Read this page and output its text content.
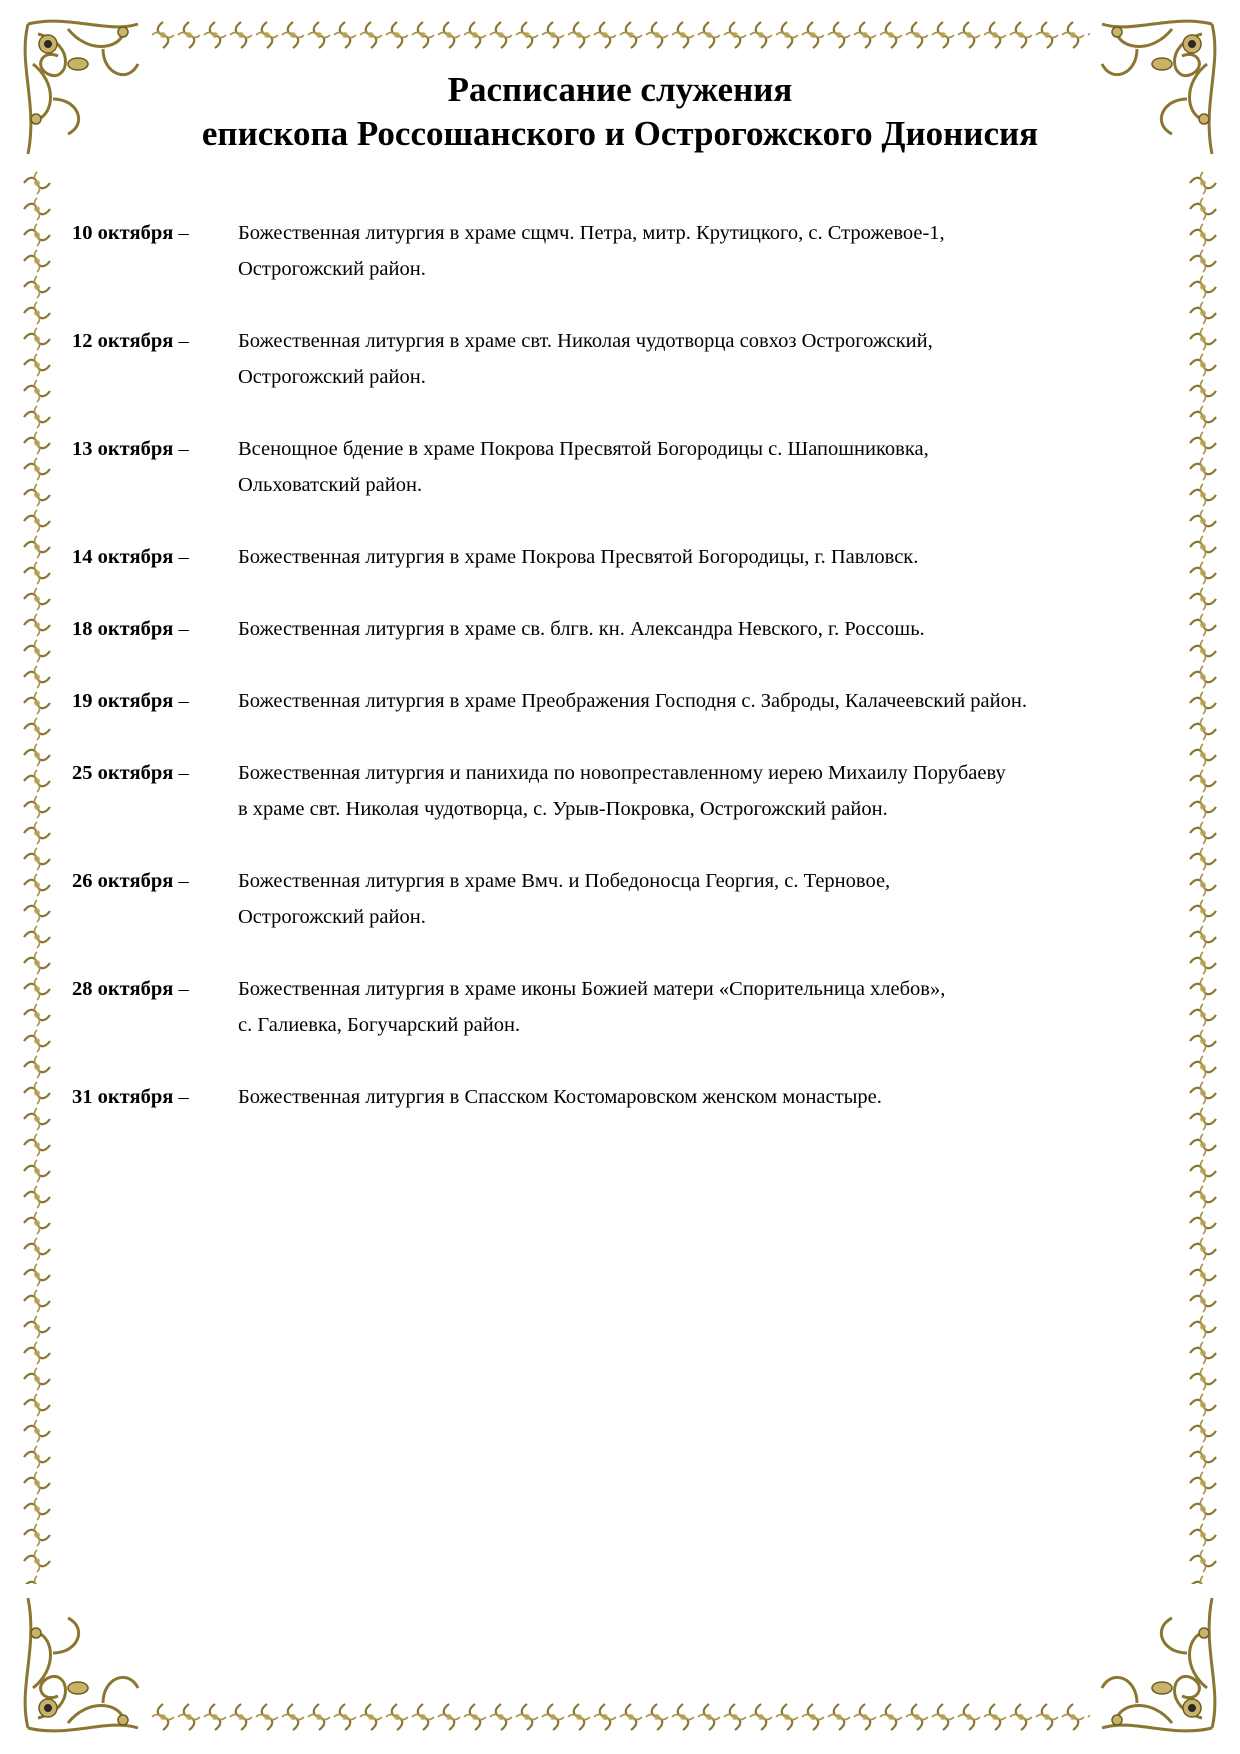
Расписание служения
епископа Россошанского и Острогожского Дионисия
10 октября –	Божественная литургия в храме сщмч. Петра, митр. Крутицкого, с. Строжевое-1,
Острогожский район.
12 октября –	Божественная литургия в храме свт. Николая чудотворца совхоз Острогожский,
Острогожский район.
13 октября –	Всенощное бдение в храме Покрова Пресвятой Богородицы с. Шапошниковка,
Ольховатский район.
14 октября –	Божественная литургия в храме Покрова Пресвятой Богородицы, г. Павловск.
18 октября –	Божественная литургия в храме св. блгв. кн. Александра Невского, г. Россошь.
19 октября –	Божественная литургия в храме Преображения Господня с. Заброды, Калачеевский район.
25 октября –	Божественная литургия и панихида по новопреставленному иерею Михаилу Порубаеву
в храме свт. Николая чудотворца, с. Урыв-Покровка, Острогожский район.
26 октября –	Божественная литургия в храме Вмч. и Победоносца Георгия, с. Терновое,
Острогожский район.
28 октября –	Божественная литургия в храме иконы Божией матери «Спорительница хлебов»,
с. Галиевка, Богучарский район.
31 октября –	Божественная литургия в Спасском Костомаровском женском монастыре.
